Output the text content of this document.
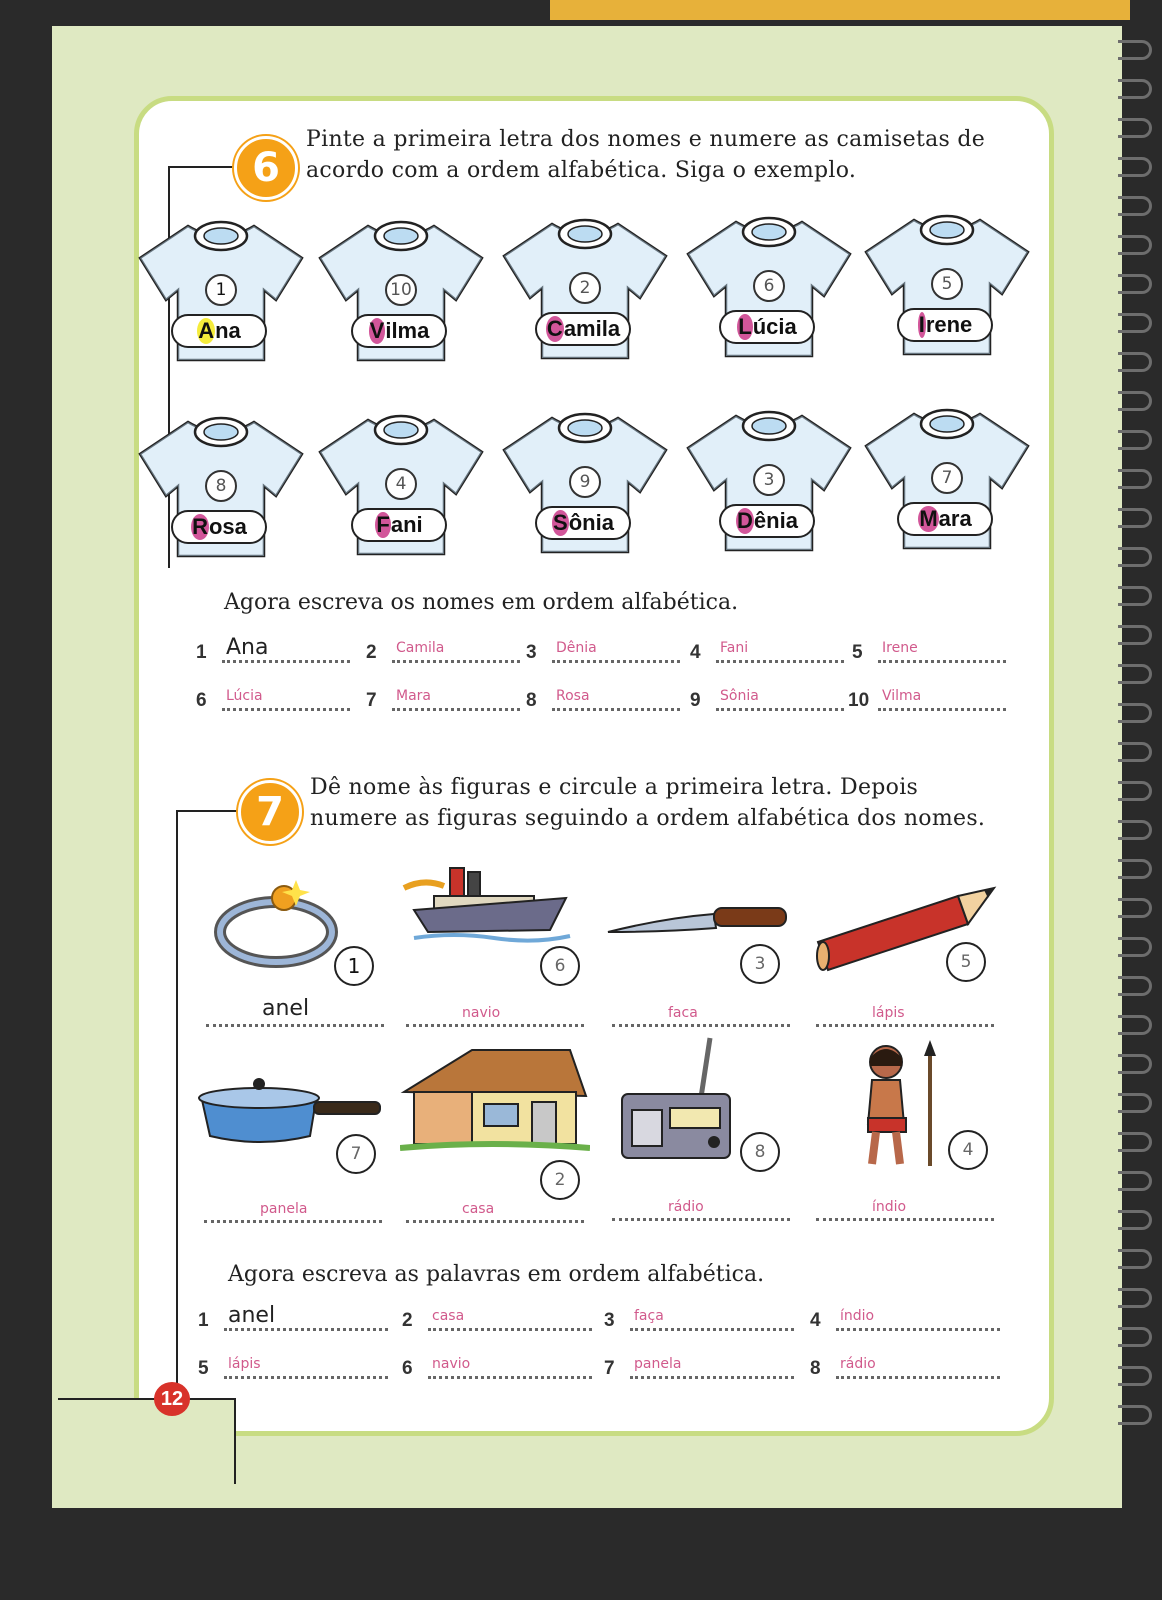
6
Pinte a primeira letra dos nomes e numere as camisetas de
acordo com a ordem alfabética. Siga o exemplo.
1
A na
10
V ilma
2
C amila
6
L úcia
5
I rene
8
R osa
4
F ani
9
S ônia
3
D ênia
7
M ara
Agora escreva os nomes em ordem alfabética.
1 Ana	2 Camila	3 Dênia	4 Fani	5 Irene
6 Lúcia	7 Mara	8 Rosa	9 Sônia	10 Vilma
7
Dê nome às figuras e circule a primeira letra. Depois
numere as figuras seguindo a ordem alfabética dos nomes.
1
anel
6
navio
3
faca
5
lápis
7
panela
2
casa
8
rádio
4
índio
Agora escreva as palavras em ordem alfabética.
1 anel	2 casa	3 faça	4 índio
5 lápis	6 navio	7 panela	8 rádio
12
